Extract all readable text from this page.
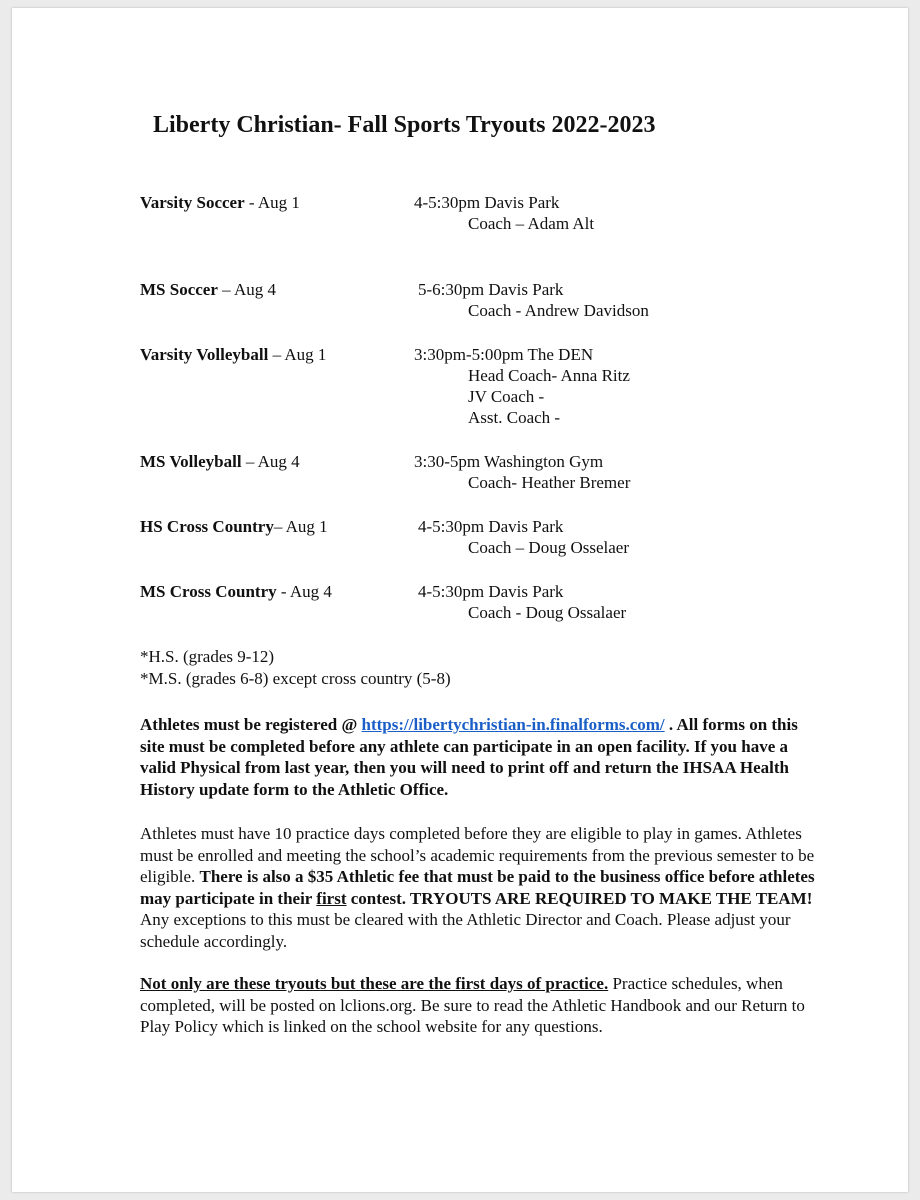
Liberty Christian- Fall Sports Tryouts 2022-2023
Varsity Soccer - Aug 1	4-5:30pm Davis Park
Coach – Adam Alt
MS Soccer – Aug 4	5-6:30pm Davis Park
Coach - Andrew Davidson
Varsity Volleyball – Aug 1	3:30pm-5:00pm The DEN
Head Coach- Anna Ritz
JV Coach -
Asst. Coach -
MS Volleyball – Aug 4	3:30-5pm Washington Gym
Coach- Heather Bremer
HS Cross Country– Aug 1	4-5:30pm Davis Park
Coach – Doug Osselaer
MS Cross Country - Aug 4	4-5:30pm Davis Park
Coach - Doug Ossalaer
*H.S. (grades 9-12)
*M.S. (grades 6-8) except cross country (5-8)

Athletes must be registered @ https://libertychristian-in.finalforms.com/ . All forms on this site must be completed before any athlete can participate in an open facility. If you have a valid Physical from last year, then you will need to print off and return the IHSAA Health History update form to the Athletic Office.

Athletes must have 10 practice days completed before they are eligible to play in games. Athletes must be enrolled and meeting the school’s academic requirements from the previous semester to be eligible. There is also a $35 Athletic fee that must be paid to the business office before athletes may participate in their first contest. TRYOUTS ARE REQUIRED TO MAKE THE TEAM! Any exceptions to this must be cleared with the Athletic Director and Coach. Please adjust your schedule accordingly.

Not only are these tryouts but these are the first days of practice. Practice schedules, when completed, will be posted on lclions.org. Be sure to read the Athletic Handbook and our Return to Play Policy which is linked on the school website for any questions.
